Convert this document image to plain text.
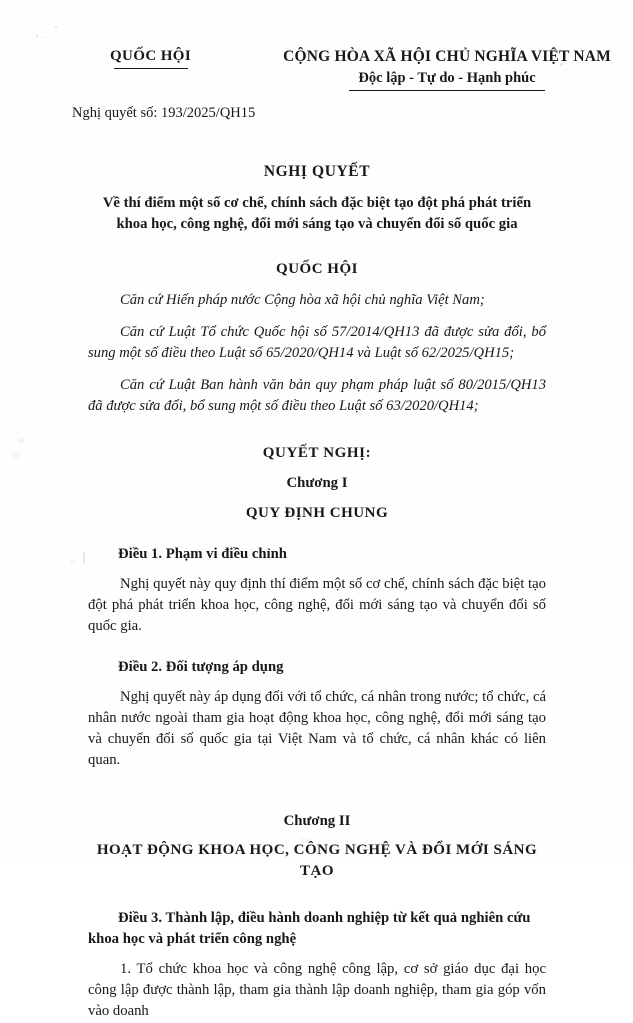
QUỐC HỘI	CỘNG HÒA XÃ HỘI CHỦ NGHĨA VIỆT NAM
Độc lập - Tự do - Hạnh phúc
Nghị quyết số: 193/2025/QH15
NGHỊ QUYẾT
Về thí điểm một số cơ chế, chính sách đặc biệt tạo đột phá phát triển khoa học, công nghệ, đổi mới sáng tạo và chuyển đổi số quốc gia
QUỐC HỘI
Căn cứ Hiến pháp nước Cộng hòa xã hội chủ nghĩa Việt Nam;
Căn cứ Luật Tổ chức Quốc hội số 57/2014/QH13 đã được sửa đổi, bổ sung một số điều theo Luật số 65/2020/QH14 và Luật số 62/2025/QH15;
Căn cứ Luật Ban hành văn bản quy phạm pháp luật số 80/2015/QH13 đã được sửa đổi, bổ sung một số điều theo Luật số 63/2020/QH14;
QUYẾT NGHỊ:
Chương I
QUY ĐỊNH CHUNG
Điều 1. Phạm vi điều chỉnh
Nghị quyết này quy định thí điểm một số cơ chế, chính sách đặc biệt tạo đột phá phát triển khoa học, công nghệ, đổi mới sáng tạo và chuyển đổi số quốc gia.
Điều 2. Đối tượng áp dụng
Nghị quyết này áp dụng đối với tổ chức, cá nhân trong nước; tổ chức, cá nhân nước ngoài tham gia hoạt động khoa học, công nghệ, đổi mới sáng tạo và chuyển đổi số quốc gia tại Việt Nam và tổ chức, cá nhân khác có liên quan.
Chương II
HOẠT ĐỘNG KHOA HỌC, CÔNG NGHỆ VÀ ĐỔI MỚI SÁNG TẠO
Điều 3. Thành lập, điều hành doanh nghiệp từ kết quả nghiên cứu khoa học và phát triển công nghệ
1. Tổ chức khoa học và công nghệ công lập, cơ sở giáo dục đại học công lập được thành lập, tham gia thành lập doanh nghiệp, tham gia góp vốn vào doanh
